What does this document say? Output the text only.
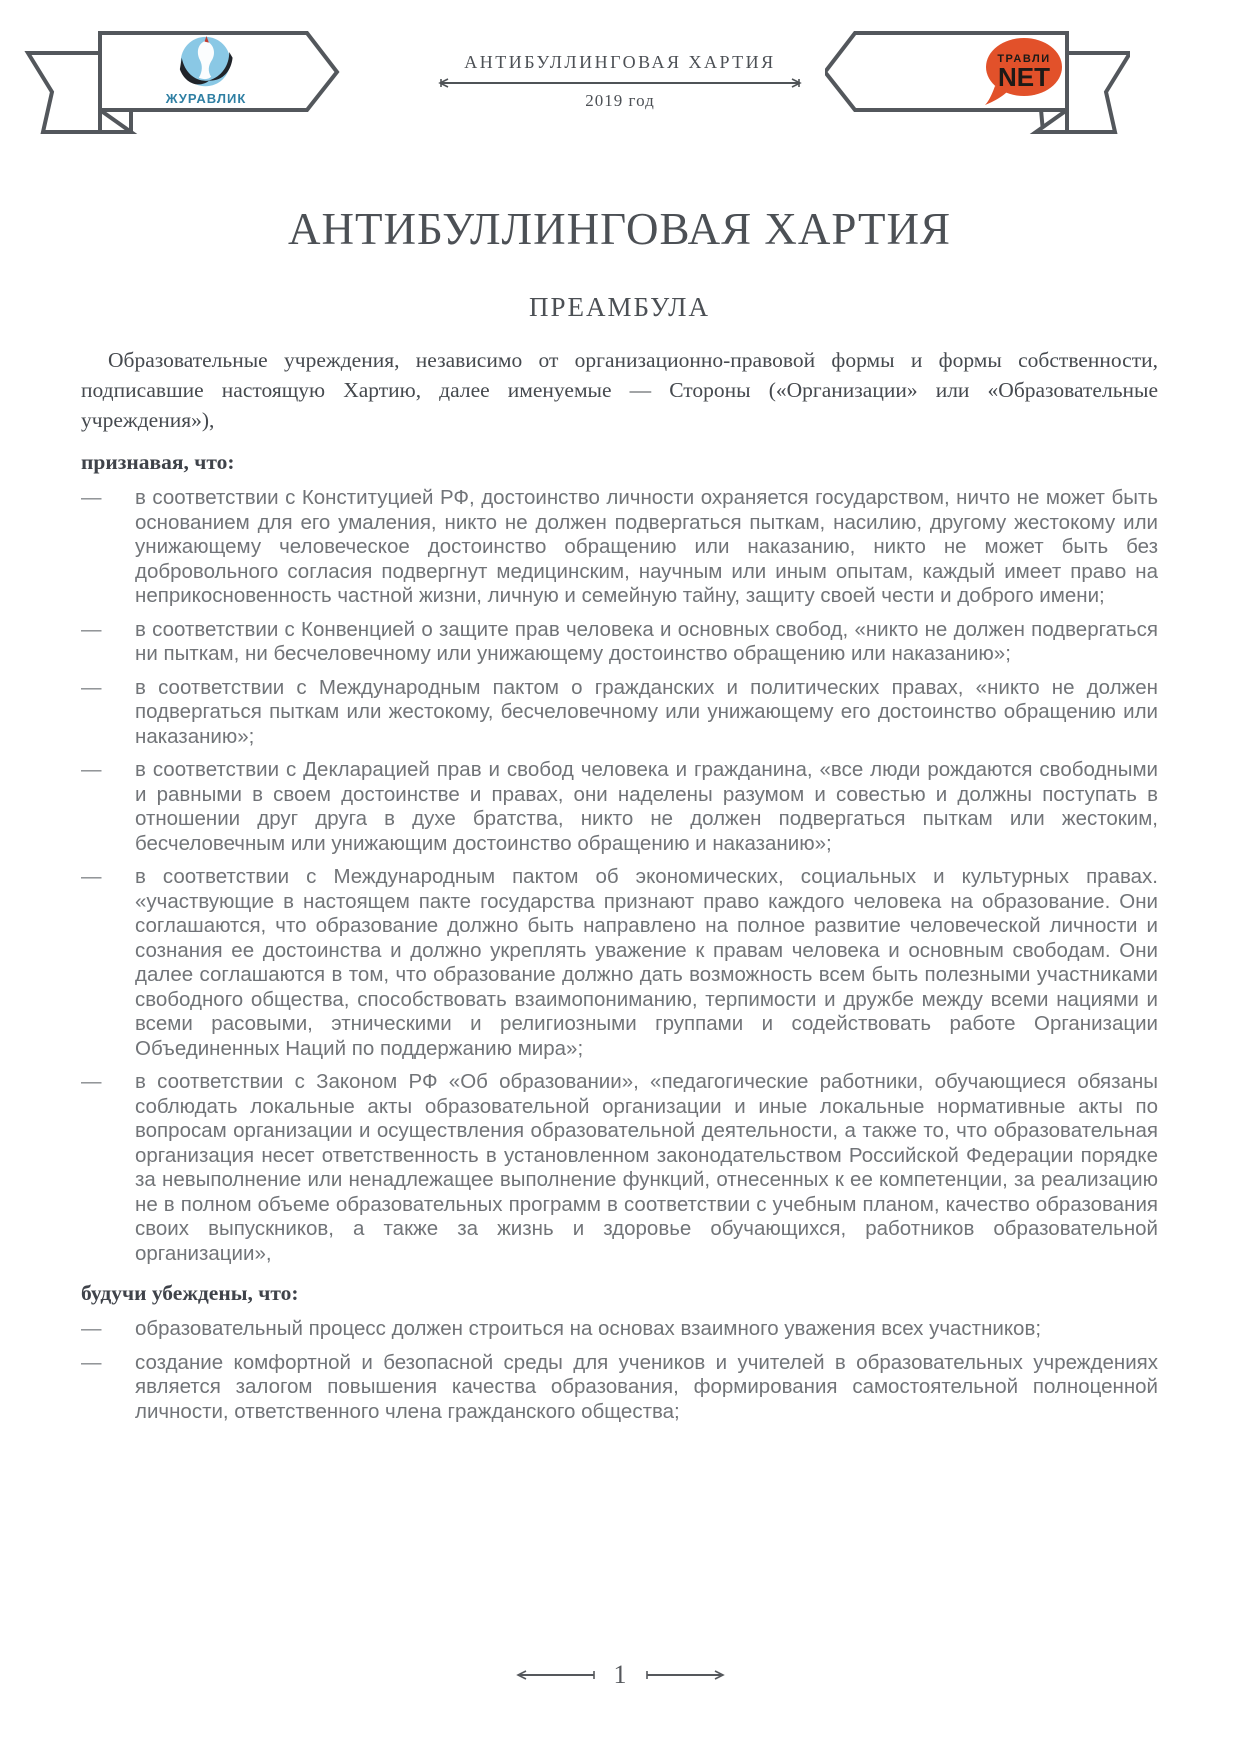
ЖУРАВЛИК
АНТИБУЛЛИНГОВАЯ ХАРТИЯ
2019 год
ТРАВЛИ
NET
АНТИБУЛЛИНГОВАЯ ХАРТИЯ
ПРЕАМБУЛА

Образовательные учреждения, независимо от организационно-правовой формы и формы собственности, подписавшие настоящую Хартию, далее именуемые — Стороны («Организации» или «Образовательные учреждения»),

признавая, что:

— в соответствии с Конституцией РФ, достоинство личности охраняется государством, ничто не может быть основанием для его умаления, никто не должен подвергаться пыткам, насилию, другому жестокому или унижающему человеческое достоинство обращению или наказанию, никто не может быть без добровольного согласия подвергнут медицинским, научным или иным опытам, каждый имеет право на неприкосновенность частной жизни, личную и семейную тайну, защиту своей чести и доброго имени;
— в соответствии с Конвенцией о защите прав человека и основных свобод, «никто не должен подвергаться ни пыткам, ни бесчеловечному или унижающему достоинство обращению или наказанию»;
— в соответствии с Международным пактом о гражданских и политических правах, «никто не должен подвергаться пыткам или жестокому, бесчеловечному или унижающему его достоинство обращению или наказанию»;
— в соответствии с Декларацией прав и свобод человека и гражданина, «все люди рождаются свободными и равными в своем достоинстве и правах, они наделены разумом и совестью и должны поступать в отношении друг друга в духе братства, никто не должен подвергаться пыткам или жестоким, бесчеловечным или унижающим достоинство обращению и наказанию»;
— в соответствии с Международным пактом об экономических, социальных и культурных правах. «участвующие в настоящем пакте государства признают право каждого человека на образование. Они соглашаются, что образование должно быть направлено на полное развитие человеческой личности и сознания ее достоинства и должно укреплять уважение к правам человека и основным свободам. Они далее соглашаются в том, что образование должно дать возможность всем быть полезными участниками свободного общества, способствовать взаимопониманию, терпимости и дружбе между всеми нациями и всеми расовыми, этническими и религиозными группами и содействовать работе Организации Объединенных Наций по поддержанию мира»;
— в соответствии с Законом РФ «Об образовании», «педагогические работники, обучающиеся обязаны соблюдать локальные акты образовательной организации и иные локальные нормативные акты по вопросам организации и осуществления образовательной деятельности, а также то, что образовательная организация несет ответственность в установленном законодательством Российской Федерации порядке за невыполнение или ненадлежащее выполнение функций, отнесенных к ее компетенции, за реализацию не в полном объеме образовательных программ в соответствии с учебным планом, качество образования своих выпускников, а также за жизнь и здоровье обучающихся, работников образовательной организации»,

будучи убеждены, что:

— образовательный процесс должен строиться на основах взаимного уважения всех участников;
— создание комфортной и безопасной среды для учеников и учителей в образовательных учреждениях является залогом повышения качества образования, формирования самостоятельной полноценной личности, ответственного члена гражданского общества;
1
